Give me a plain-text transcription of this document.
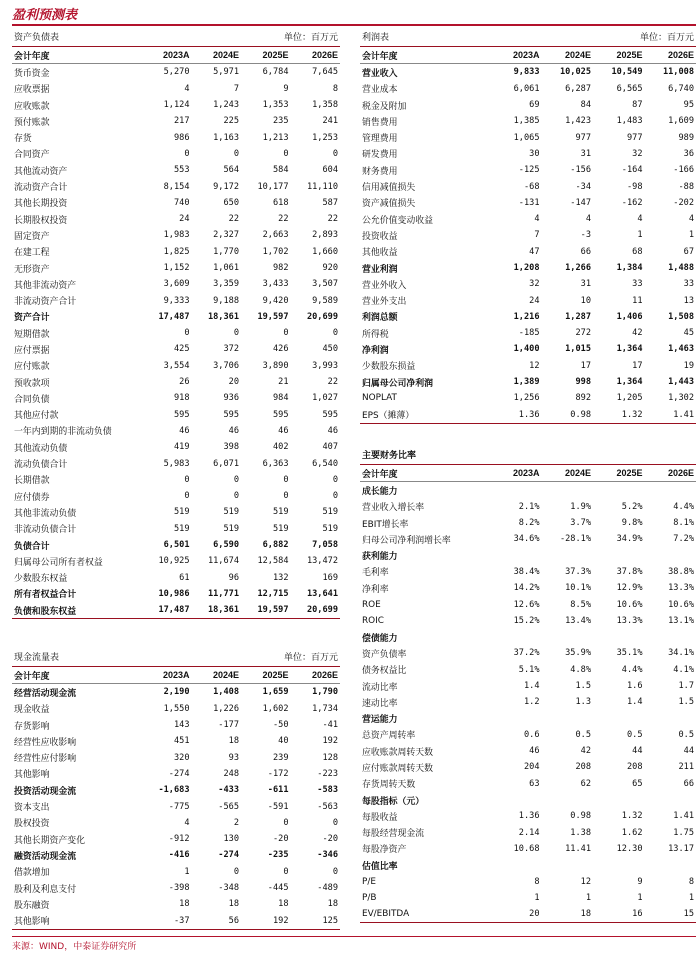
盈利预测表
资产负债表	单位：百万元
会计年度	2023A	2024E	2025E	2026E
货币资金	5,270	5,971	6,784	7,645
应收票据	4	7	9	8
应收账款	1,124	1,243	1,353	1,358
预付账款	217	225	235	241
存货	986	1,163	1,213	1,253
合同资产	0	0	0	0
其他流动资产	553	564	584	604
流动资产合计	8,154	9,172	10,177	11,110
其他长期投资	740	650	618	587
长期股权投资	24	22	22	22
固定资产	1,983	2,327	2,663	2,893
在建工程	1,825	1,770	1,702	1,660
无形资产	1,152	1,061	982	920
其他非流动资产	3,609	3,359	3,433	3,507
非流动资产合计	9,333	9,188	9,420	9,589
资产合计	17,487	18,361	19,597	20,699
短期借款	0	0	0	0
应付票据	425	372	426	450
应付账款	3,554	3,706	3,890	3,993
预收款项	26	20	21	22
合同负债	918	936	984	1,027
其他应付款	595	595	595	595
一年内到期的非流动负债	46	46	46	46
其他流动负债	419	398	402	407
流动负债合计	5,983	6,071	6,363	6,540
长期借款	0	0	0	0
应付债券	0	0	0	0
其他非流动负债	519	519	519	519
非流动负债合计	519	519	519	519
负债合计	6,501	6,590	6,882	7,058
归属母公司所有者权益	10,925	11,674	12,584	13,472
少数股东权益	61	96	132	169
所有者权益合计	10,986	11,771	12,715	13,641
负债和股东权益	17,487	18,361	19,597	20,699
现金流量表	单位：百万元
会计年度	2023A	2024E	2025E	2026E
经营活动现金流	2,190	1,408	1,659	1,790
现金收益	1,550	1,226	1,602	1,734
存货影响	143	-177	-50	-41
经营性应收影响	451	18	40	192
经营性应付影响	320	93	239	128
其他影响	-274	248	-172	-223
投资活动现金流	-1,683	-433	-611	-583
资本支出	-775	-565	-591	-563
股权投资	4	2	0	0
其他长期资产变化	-912	130	-20	-20
融资活动现金流	-416	-274	-235	-346
借款增加	1	0	0	0
股利及利息支付	-398	-348	-445	-489
股东融资	18	18	18	18
其他影响	-37	56	192	125
利润表	单位：百万元
会计年度	2023A	2024E	2025E	2026E
营业收入	9,833	10,025	10,549	11,008
营业成本	6,061	6,287	6,565	6,740
税金及附加	69	84	87	95
销售费用	1,385	1,423	1,483	1,609
管理费用	1,065	977	977	989
研发费用	30	31	32	36
财务费用	-125	-156	-164	-166
信用减值损失	-68	-34	-98	-88
资产减值损失	-131	-147	-162	-202
公允价值变动收益	4	4	4	4
投资收益	7	-3	1	1
其他收益	47	66	68	67
营业利润	1,208	1,266	1,384	1,488
营业外收入	32	31	33	33
营业外支出	24	10	11	13
利润总额	1,216	1,287	1,406	1,508
所得税	-185	272	42	45
净利润	1,400	1,015	1,364	1,463
少数股东损益	12	17	17	19
归属母公司净利润	1,389	998	1,364	1,443
NOPLAT	1,256	892	1,205	1,302
EPS（摊薄）	1.36	0.98	1.32	1.41
主要财务比率
会计年度	2023A	2024E	2025E	2026E
成长能力				
营业收入增长率	2.1%	1.9%	5.2%	4.4%
EBIT增长率	8.2%	3.7%	9.8%	8.1%
归母公司净利润增长率	34.6%	-28.1%	34.9%	7.2%
获利能力				
毛利率	38.4%	37.3%	37.8%	38.8%
净利率	14.2%	10.1%	12.9%	13.3%
ROE	12.6%	8.5%	10.6%	10.6%
ROIC	15.2%	13.4%	13.3%	13.1%
偿债能力				
资产负债率	37.2%	35.9%	35.1%	34.1%
债务权益比	5.1%	4.8%	4.4%	4.1%
流动比率	1.4	1.5	1.6	1.7
速动比率	1.2	1.3	1.4	1.5
营运能力				
总资产周转率	0.6	0.5	0.5	0.5
应收账款周转天数	46	42	44	44
应付账款周转天数	204	208	208	211
存货周转天数	63	62	65	66
每股指标（元）				
每股收益	1.36	0.98	1.32	1.41
每股经营现金流	2.14	1.38	1.62	1.75
每股净资产	10.68	11.41	12.30	13.17
估值比率				
P/E	8	12	9	8
P/B	1	1	1	1
EV/EBITDA	20	18	16	15
来源：WIND，中泰证券研究所
